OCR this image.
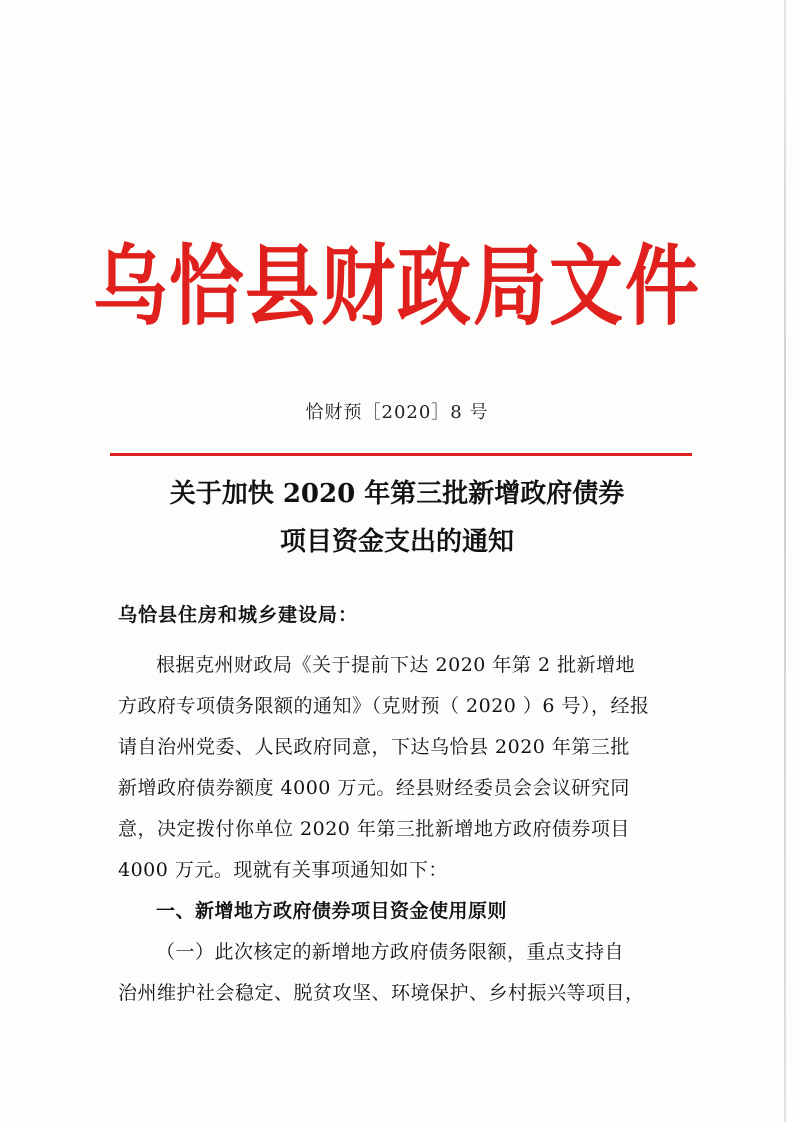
乌恰县财政局文件
恰财预［2020］8 号
关于加快 2020 年第三批新增政府债券
项目资金支出的通知
乌恰县住房和城乡建设局：
根据克州财政局《关于提前下达 2020 年第 2 批新增地
方政府专项债务限额的通知》（克财预（ 2020 ）6 号），经报
请自治州党委、人民政府同意，下达乌恰县 2020 年第三批
新增政府债券额度 4000 万元。经县财经委员会会议研究同
意，决定拨付你单位 2020 年第三批新增地方政府债券项目
4000 万元。现就有关事项通知如下：
一、新增地方政府债券项目资金使用原则
（一）此次核定的新增地方政府债务限额，重点支持自
治州维护社会稳定、脱贫攻坚、环境保护、乡村振兴等项目，
